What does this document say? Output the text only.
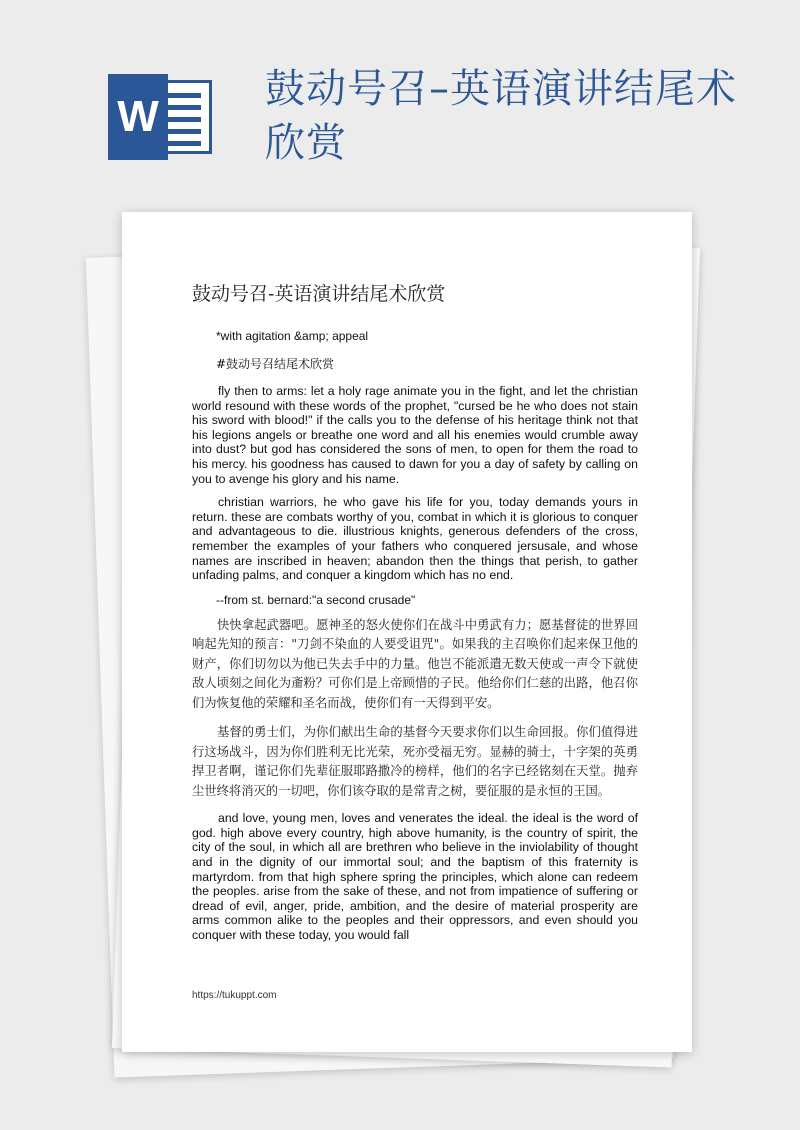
W
鼓动号召–英语演讲结尾术欣赏
鼓动号召-英语演讲结尾术欣赏

*with agitation &amp; appeal

#鼓动号召结尾术欣赏

fly then to arms: let a holy rage animate you in the fight, and let the christian world resound with these words of the prophet, "cursed be he who does not stain his sword with blood!" if the calls you to the defense of his heritage think not that his legions angels or breathe one word and all his enemies would crumble away into dust? but god has considered the sons of men, to open for them the road to his mercy. his goodness has caused to dawn for you a day of safety by calling on you to avenge his glory and his name.

christian warriors, he who gave his life for you, today demands yours in return. these are combats worthy of you, combat in which it is glorious to conquer and advantageous to die. illustrious knights, generous defenders of the cross, remember the examples of your fathers who conquered jersusale, and whose names are inscribed in heaven; abandon then the things that perish, to gather unfading palms, and conquer a kingdom which has no end.

--from st. bernard:"a second crusade"

快快拿起武器吧。愿神圣的怒火使你们在战斗中勇武有力；愿基督徒的世界回响起先知的预言："刀剑不染血的人要受诅咒"。如果我的主召唤你们起来保卫他的财产，你们切勿以为他已失去手中的力量。他岂不能派遣无数天使或一声令下就使敌人顷刻之间化为齑粉？可你们是上帝顾惜的子民。他给你们仁慈的出路，他召你们为恢复他的荣耀和圣名而战，使你们有一天得到平安。

基督的勇士们，为你们献出生命的基督今天要求你们以生命回报。你们值得进行这场战斗，因为你们胜利无比光荣，死亦受福无穷。显赫的骑士，十字架的英勇捍卫者啊，谨记你们先辈征服耶路撒冷的榜样，他们的名字已经铭刻在天堂。抛弃尘世终将消灭的一切吧，你们该夺取的是常青之树，要征服的是永恒的王国。

and love, young men, loves and venerates the ideal. the ideal is the word of god. high above every country, high above humanity, is the country of spirit, the city of the soul, in which all are brethren who believe in the inviolability of thought and in the dignity of our immortal soul; and the baptism of this fraternity is martyrdom. from that high sphere spring the principles, which alone can redeem the peoples. arise from the sake of these, and not from impatience of suffering or dread of evil, anger, pride, ambition, and the desire of material prosperity are arms common alike to the peoples and their oppressors, and even should you conquer with these today, you would fall

https://tukuppt.com
